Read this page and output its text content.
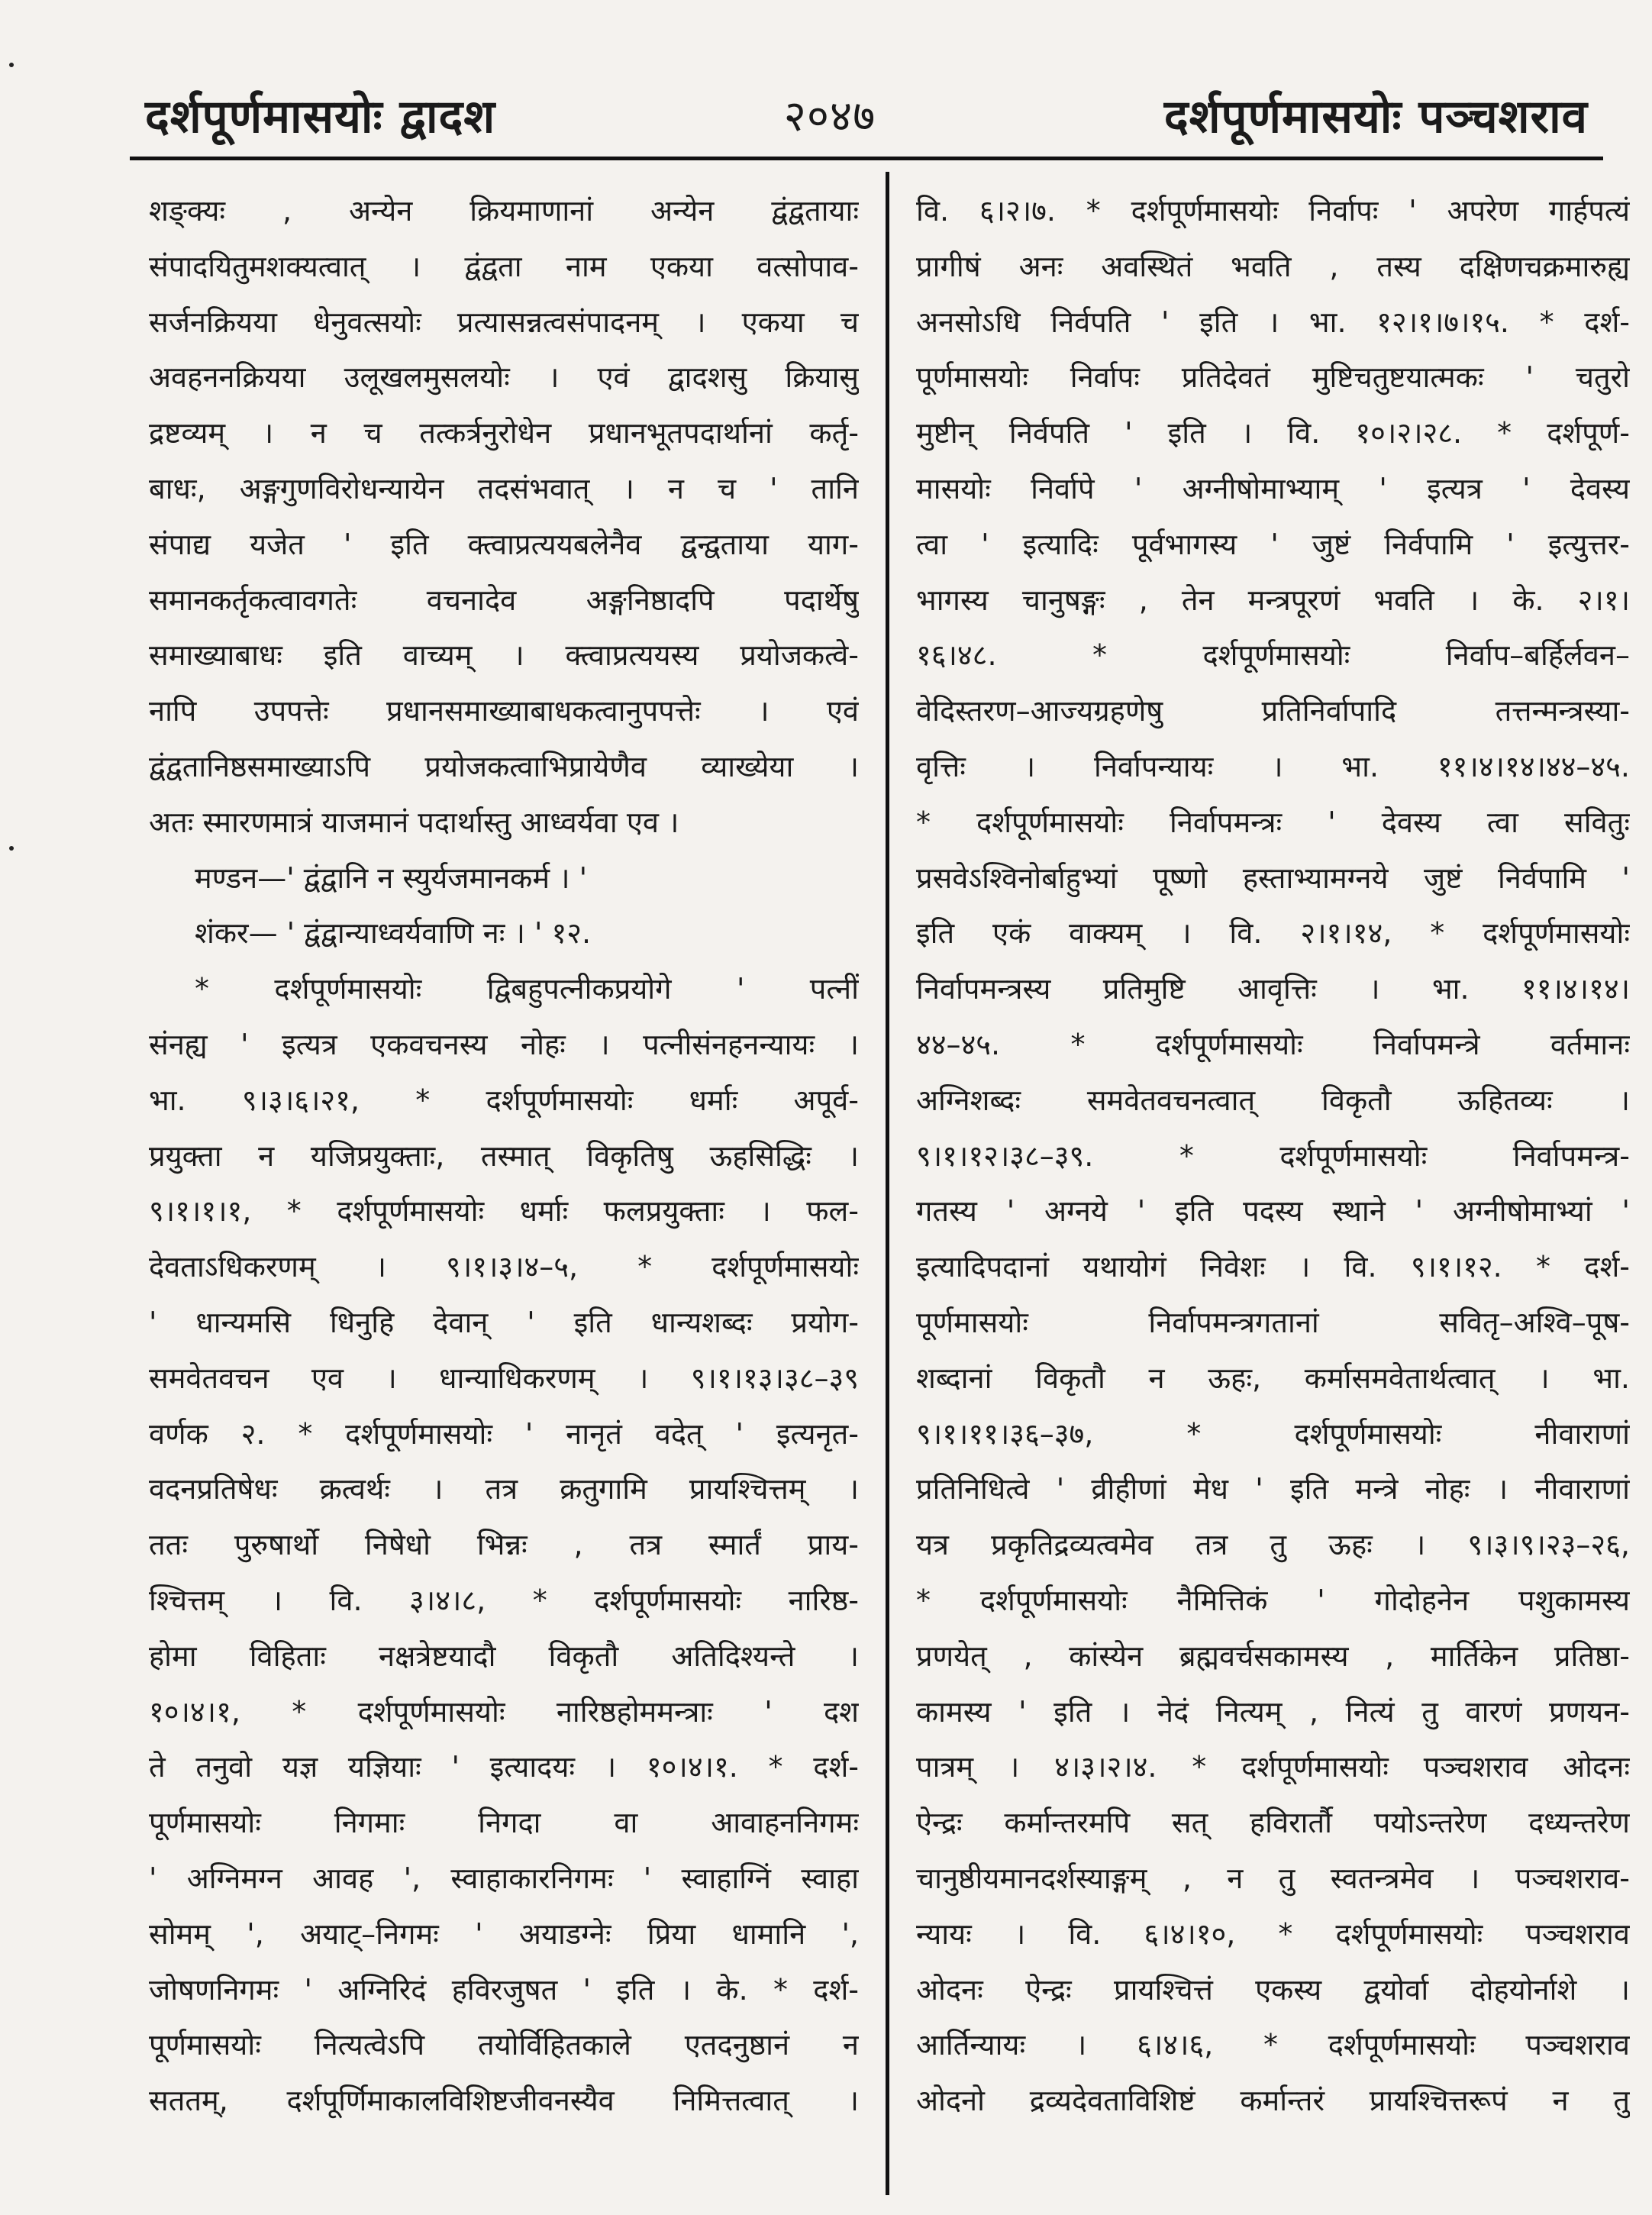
दर्शपूर्णमासयोः द्वादश	२०४७	दर्शपूर्णमासयोः पञ्चशराव
शङ्क्यः , अन्येन क्रियमाणानां अन्येन द्वंद्वतायाः
संपादयितुमशक्यत्वात् । द्वंद्वता नाम एकया वत्सोपाव-
सर्जनक्रियया धेनुवत्सयोः प्रत्यासन्नत्वसंपादनम् । एकया च
अवहननक्रियया उलूखलमुसलयोः । एवं द्वादशसु क्रियासु
द्रष्टव्यम् । न च तत्कर्त्रनुरोधेन प्रधानभूतपदार्थानां कर्तृ-
बाधः, अङ्गगुणविरोधन्यायेन तदसंभवात् । न च ' तानि
संपाद्य यजेत ' इति क्त्वाप्रत्ययबलेनैव द्वन्द्वताया याग-
समानकर्तृकत्वावगतेः वचनादेव अङ्गनिष्ठादपि पदार्थेषु
समाख्याबाधः इति वाच्यम् । क्त्वाप्रत्ययस्य प्रयोजकत्वे-
नापि उपपत्तेः प्रधानसमाख्याबाधकत्वानुपपत्तेः । एवं
द्वंद्वतानिष्ठसमाख्याऽपि प्रयोजकत्वाभिप्रायेणैव व्याख्येया ।
अतः स्मारणमात्रं याजमानं पदार्थास्तु आध्वर्यवा एव ।
मण्डन—' द्वंद्वानि न स्युर्यजमानकर्म । '
शंकर— ' द्वंद्वान्याध्वर्यवाणि नः । ' १२.
* दर्शपूर्णमासयोः द्विबहुपत्नीकप्रयोगे ' पत्नीं
संनह्य ' इत्यत्र एकवचनस्य नोहः । पत्नीसंनहनन्यायः ।
भा. ९।३।६।२१, * दर्शपूर्णमासयोः धर्माः अपूर्व-
प्रयुक्ता न यजिप्रयुक्ताः, तस्मात् विकृतिषु ऊहसिद्धिः ।
९।१।१।१, * दर्शपूर्णमासयोः धर्माः फलप्रयुक्ताः । फल-
देवताऽधिकरणम् । ९।१।३।४–५, * दर्शपूर्णमासयोः
' धान्यमसि धिनुहि देवान् ' इति धान्यशब्दः प्रयोग-
समवेतवचन एव । धान्याधिकरणम् । ९।१।१३।३८–३९
वर्णक २. * दर्शपूर्णमासयोः ' नानृतं वदेत् ' इत्यनृत-
वदनप्रतिषेधः क्रत्वर्थः । तत्र क्रतुगामि प्रायश्चित्तम् ।
ततः पुरुषार्थो निषेधो भिन्नः , तत्र स्मार्तं प्राय-
श्चित्तम् । वि. ३।४।८, * दर्शपूर्णमासयोः नारिष्ठ-
होमा विहिताः नक्षत्रेष्टयादौ विकृतौ अतिदिश्यन्ते ।
१०।४।१, * दर्शपूर्णमासयोः नारिष्ठहोममन्त्राः ' दश
ते तनुवो यज्ञ यज्ञियाः ' इत्यादयः । १०।४।१. * दर्श-
पूर्णमासयोः निगमाः निगदा वा आवाहननिगमः
' अग्निमग्न आवह ', स्वाहाकारनिगमः ' स्वाहाग्निं स्वाहा
सोमम् ', अयाट्–निगमः ' अयाडग्नेः प्रिया धामानि ',
जोषणनिगमः ' अग्निरिदं हविरजुषत ' इति । के. * दर्श-
पूर्णमासयोः नित्यत्वेऽपि तयोर्विहितकाले एतदनुष्ठानं न
सततम्, दर्शपूर्णिमाकालविशिष्टजीवनस्यैव निमित्तत्वात् ।
वि. ६।२।७. * दर्शपूर्णमासयोः निर्वापः ' अपरेण गार्हपत्यं
प्रागीषं अनः अवस्थितं भवति , तस्य दक्षिणचक्रमारुह्य
अनसोऽधि निर्वपति ' इति । भा. १२।१।७।१५. * दर्श-
पूर्णमासयोः निर्वापः प्रतिदेवतं मुष्टिचतुष्टयात्मकः ' चतुरो
मुष्टीन् निर्वपति ' इति । वि. १०।२।२८. * दर्शपूर्ण-
मासयोः निर्वापे ' अग्नीषोमाभ्याम् ' इत्यत्र ' देवस्य
त्वा ' इत्यादिः पूर्वभागस्य ' जुष्टं निर्वपामि ' इत्युत्तर-
भागस्य चानुषङ्गः , तेन मन्त्रपूरणं भवति । के. २।१।
१६।४८. * दर्शपूर्णमासयोः निर्वाप–बर्हिर्लवन–
वेदिस्तरण–आज्यग्रहणेषु प्रतिनिर्वापादि तत्तन्मन्त्रस्या-
वृत्तिः । निर्वापन्यायः । भा. ११।४।१४।४४–४५.
* दर्शपूर्णमासयोः निर्वापमन्त्रः ' देवस्य त्वा सवितुः
प्रसवेऽश्विनोर्बाहुभ्यां पूष्णो हस्ताभ्यामग्नये जुष्टं निर्वपामि '
इति एकं वाक्यम् । वि. २।१।१४, * दर्शपूर्णमासयोः
निर्वापमन्त्रस्य प्रतिमुष्टि आवृत्तिः । भा. ११।४।१४।
४४–४५. * दर्शपूर्णमासयोः निर्वापमन्त्रे वर्तमानः
अग्निशब्दः समवेतवचनत्वात् विकृतौ ऊहितव्यः ।
९।१।१२।३८–३९. * दर्शपूर्णमासयोः निर्वापमन्त्र-
गतस्य ' अग्नये ' इति पदस्य स्थाने ' अग्नीषोमाभ्यां '
इत्यादिपदानां यथायोगं निवेशः । वि. ९।१।१२. * दर्श-
पूर्णमासयोः निर्वापमन्त्रगतानां सवितृ–अश्वि–पूष-
शब्दानां विकृतौ न ऊहः, कर्मासमवेतार्थत्वात् । भा.
९।१।११।३६–३७, * दर्शपूर्णमासयोः नीवाराणां
प्रतिनिधित्वे ' व्रीहीणां मेध ' इति मन्त्रे नोहः । नीवाराणां
यत्र प्रकृतिद्रव्यत्वमेव तत्र तु ऊहः । ९।३।९।२३–२६,
* दर्शपूर्णमासयोः नैमित्तिकं ' गोदोहनेन पशुकामस्य
प्रणयेत् , कांस्येन ब्रह्मवर्चसकामस्य , मार्तिकेन प्रतिष्ठा-
कामस्य ' इति । नेदं नित्यम् , नित्यं तु वारणं प्रणयन-
पात्रम् । ४।३।२।४. * दर्शपूर्णमासयोः पञ्चशराव ओदनः
ऐन्द्रः कर्मान्तरमपि सत् हविरार्तौ पयोऽन्तरेण दध्यन्तरेण
चानुष्ठीयमानदर्शस्याङ्गम् , न तु स्वतन्त्रमेव । पञ्चशराव-
न्यायः । वि. ६।४।१०, * दर्शपूर्णमासयोः पञ्चशराव
ओदनः ऐन्द्रः प्रायश्चित्तं एकस्य द्वयोर्वा दोहयोर्नाशे ।
आर्तिन्यायः । ६।४।६, * दर्शपूर्णमासयोः पञ्चशराव
ओदनो द्रव्यदेवताविशिष्टं कर्मान्तरं प्रायश्चित्तरूपं न तु
